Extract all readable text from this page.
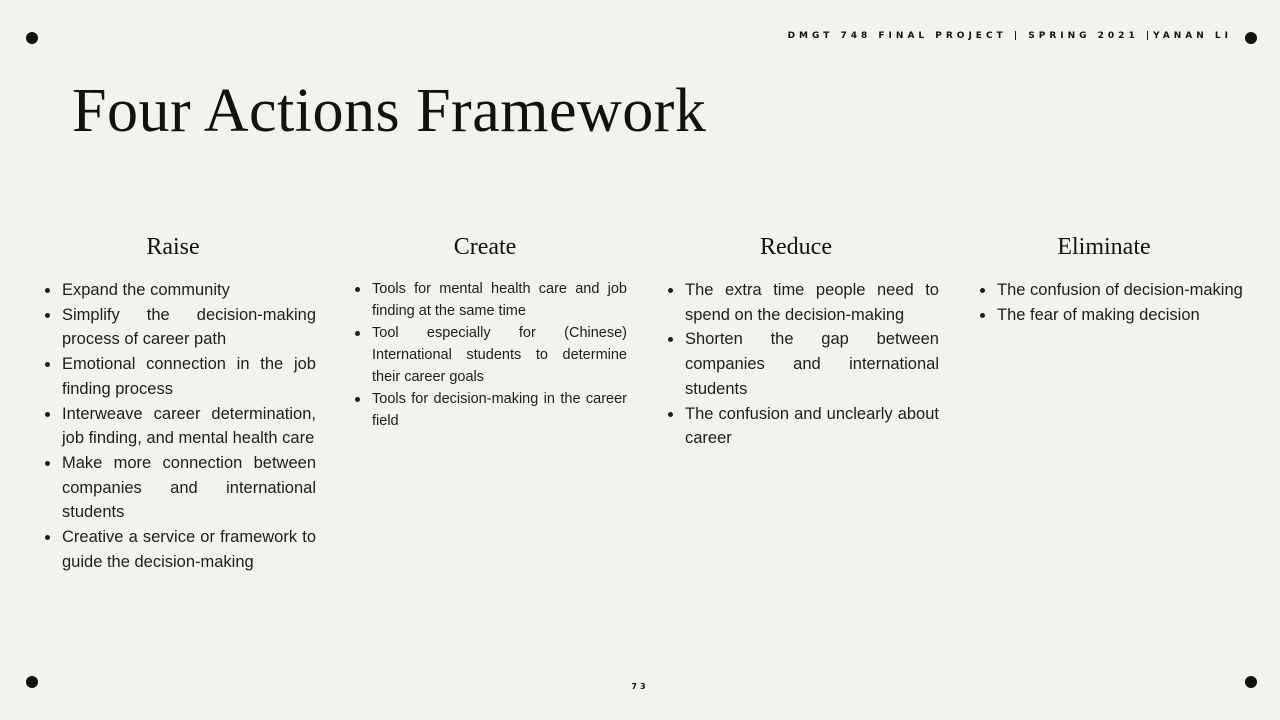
DMGT 748 FINAL PROJECT | SPRING 2021 |YANAN LI
Four Actions Framework
Raise
Expand the community
Simplify the decision-making process of career path
Emotional connection in the job finding process
Interweave career determination, job finding, and mental health care
Make more connection between companies and international students
Creative a service or framework to guide the decision-making
Create
Tools for mental health care and job finding at the same time
Tool especially for (Chinese) International students to determine their career goals
Tools for decision-making in the career field
Reduce
The extra time people need to spend on the decision-making
Shorten the gap between companies and international students
The confusion and unclearly about career
Eliminate
The confusion of decision-making
The fear of making decision
73
